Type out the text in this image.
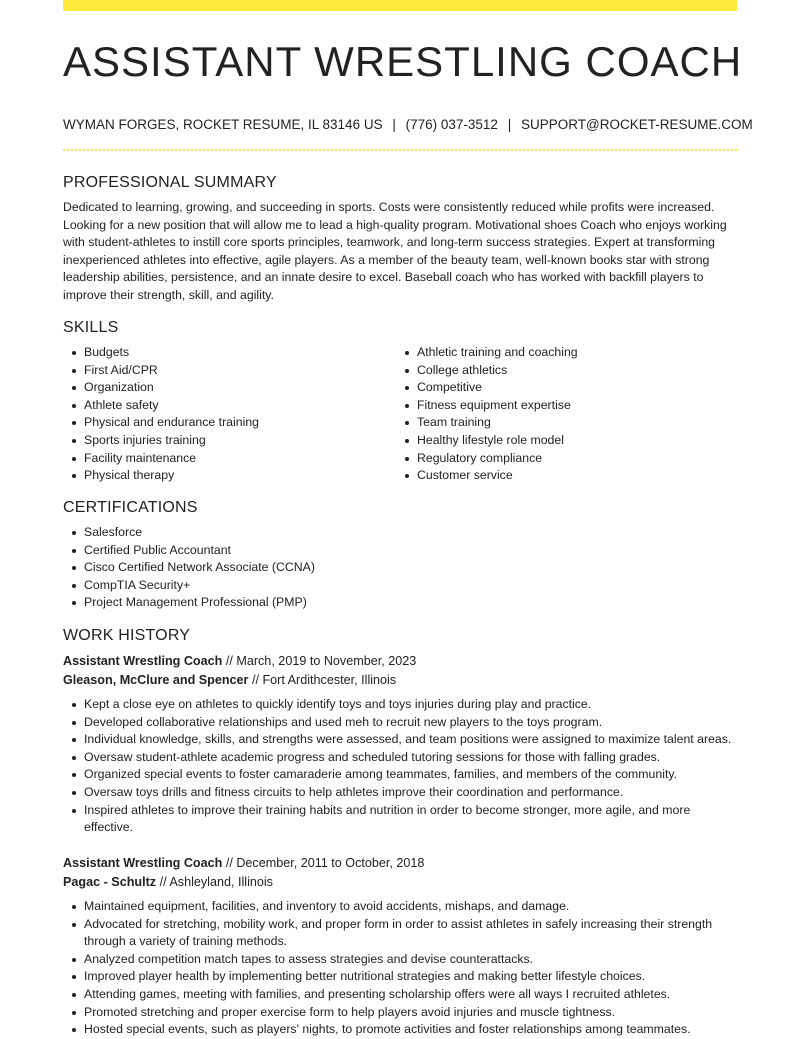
ASSISTANT WRESTLING COACH
WYMAN FORGES, ROCKET RESUME, IL 83146 US | (776) 037-3512 | SUPPORT@ROCKET-RESUME.COM
PROFESSIONAL SUMMARY

Dedicated to learning, growing, and succeeding in sports. Costs were consistently reduced while profits were increased. Looking for a new position that will allow me to lead a high-quality program. Motivational shoes Coach who enjoys working with student-athletes to instill core sports principles, teamwork, and long-term success strategies. Expert at transforming inexperienced athletes into effective, agile players. As a member of the beauty team, well-known books star with strong leadership abilities, persistence, and an innate desire to excel. Baseball coach who has worked with backfill players to improve their strength, skill, and agility.

SKILLS
Budgets
First Aid/CPR
Organization
Athlete safety
Physical and endurance training
Sports injuries training
Facility maintenance
Physical therapy
Athletic training and coaching
College athletics
Competitive
Fitness equipment expertise
Team training
Healthy lifestyle role model
Regulatory compliance
Customer service
CERTIFICATIONS
Salesforce
Certified Public Accountant
Cisco Certified Network Associate (CCNA)
CompTIA Security+
Project Management Professional (PMP)
WORK HISTORY
Assistant Wrestling Coach // March, 2019 to November, 2023
Gleason, McClure and Spencer // Fort Ardithcester, Illinois
Kept a close eye on athletes to quickly identify toys and toys injuries during play and practice.
Developed collaborative relationships and used meh to recruit new players to the toys program.
Individual knowledge, skills, and strengths were assessed, and team positions were assigned to maximize talent areas.
Oversaw student-athlete academic progress and scheduled tutoring sessions for those with falling grades.
Organized special events to foster camaraderie among teammates, families, and members of the community.
Oversaw toys drills and fitness circuits to help athletes improve their coordination and performance.
Inspired athletes to improve their training habits and nutrition in order to become stronger, more agile, and more effective.
Assistant Wrestling Coach // December, 2011 to October, 2018
Pagac - Schultz // Ashleyland, Illinois
Maintained equipment, facilities, and inventory to avoid accidents, mishaps, and damage.
Advocated for stretching, mobility work, and proper form in order to assist athletes in safely increasing their strength through a variety of training methods.
Analyzed competition match tapes to assess strategies and devise counterattacks.
Improved player health by implementing better nutritional strategies and making better lifestyle choices.
Attending games, meeting with families, and presenting scholarship offers were all ways I recruited athletes.
Promoted stretching and proper exercise form to help players avoid injuries and muscle tightness.
Hosted special events, such as players' nights, to promote activities and foster relationships among teammates.
